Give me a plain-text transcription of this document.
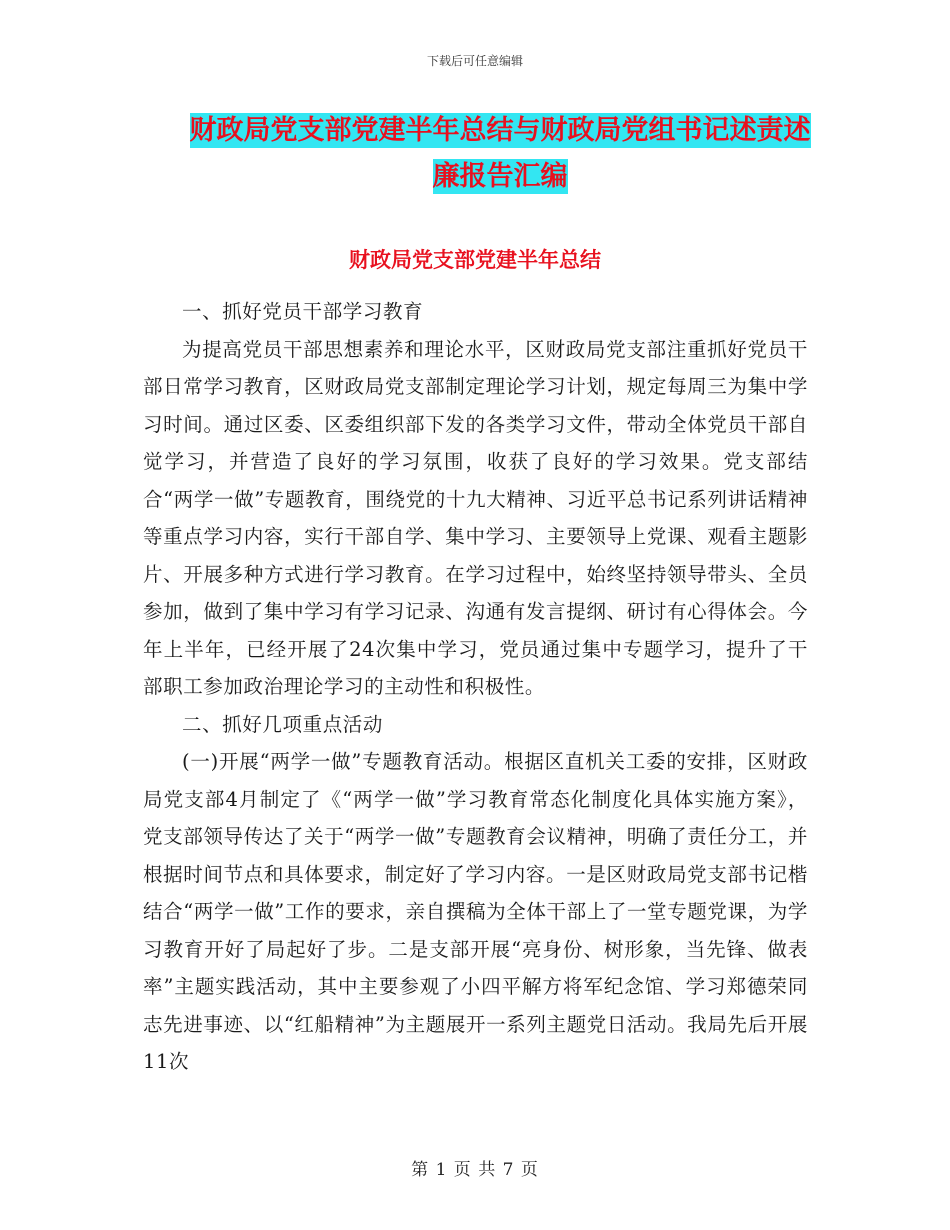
下载后可任意编辑
财政局党支部党建半年总结与财政局党组书记述责述
廉报告汇编
财政局党支部党建半年总结

一、抓好党员干部学习教育

为提高党员干部思想素养和理论水平，区财政局党支部注重抓好党员干部日常学习教育，区财政局党支部制定理论学习计划，规定每周三为集中学习时间。通过区委、区委组织部下发的各类学习文件，带动全体党员干部自觉学习，并营造了良好的学习氛围，收获了良好的学习效果。党支部结合“两学一做”专题教育，围绕党的十九大精神、习近平总书记系列讲话精神等重点学习内容，实行干部自学、集中学习、主要领导上党课、观看主题影片、开展多种方式进行学习教育。在学习过程中，始终坚持领导带头、全员参加，做到了集中学习有学习记录、沟通有发言提纲、研讨有心得体会。今年上半年，已经开展了24次集中学习，党员通过集中专题学习，提升了干部职工参加政治理论学习的主动性和积极性。

二、抓好几项重点活动

(一)开展“两学一做”专题教育活动。根据区直机关工委的安排，区财政局党支部4月制定了《“两学一做”学习教育常态化制度化具体实施方案》，党支部领导传达了关于“两学一做”专题教育会议精神，明确了责任分工，并根据时间节点和具体要求，制定好了学习内容。一是区财政局党支部书记楷结合“两学一做”工作的要求，亲自撰稿为全体干部上了一堂专题党课，为学习教育开好了局起好了步。二是支部开展“亮身份、树形象，当先锋、做表率”主题实践活动，其中主要参观了小四平解方将军纪念馆、学习郑德荣同志先进事迹、以“红船精神”为主题展开一系列主题党日活动。我局先后开展11次

第 1 页 共 7 页
